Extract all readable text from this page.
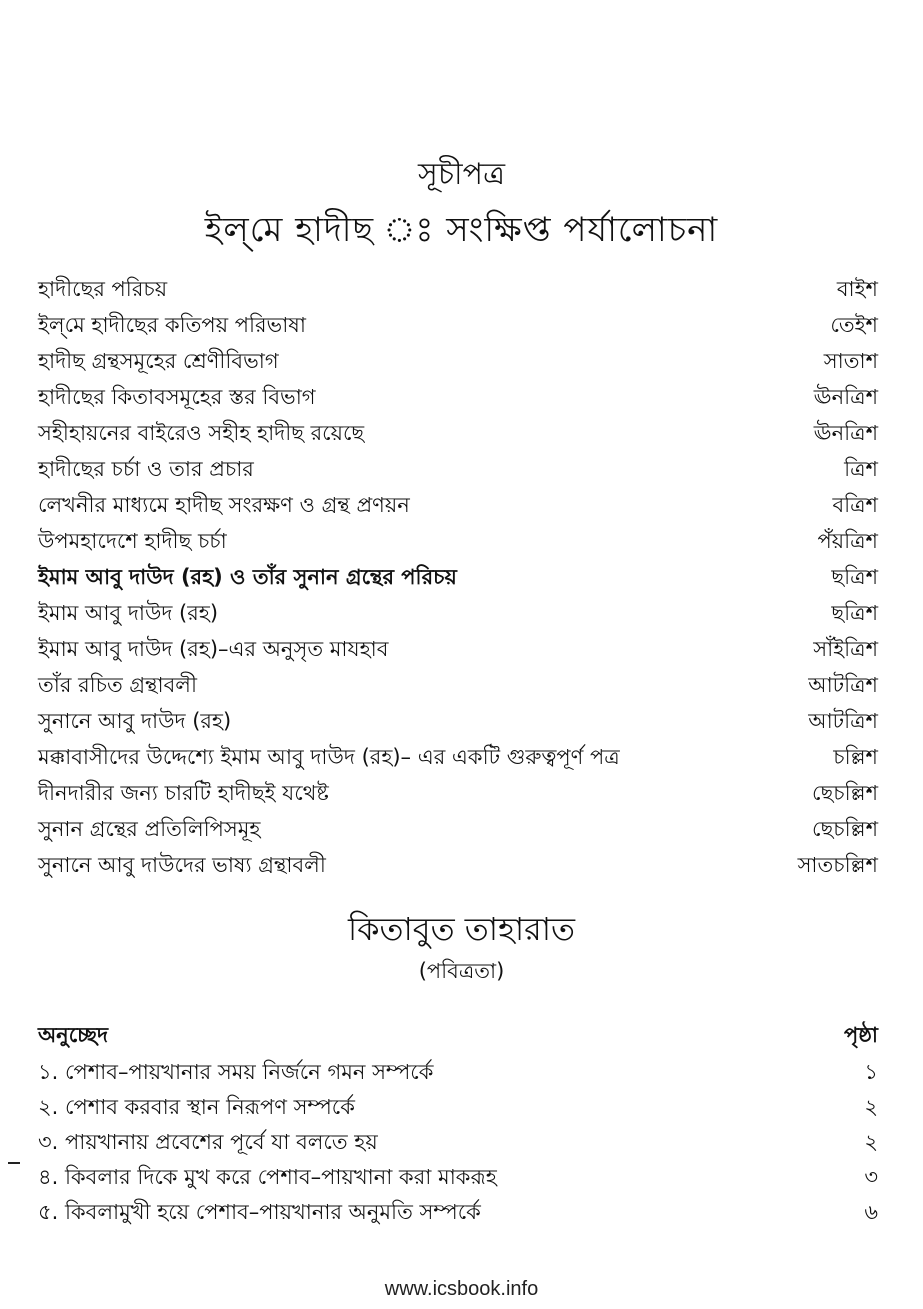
সূচীপত্র
ইল্‌মে হাদীছ ঃ সংক্ষিপ্ত পর্যালোচনা
হাদীছের পরিচয়	বাইশ
ইল্‌মে হাদীছের কতিপয় পরিভাষা	তেইশ
হাদীছ গ্রন্থসমূহের শ্রেণীবিভাগ	সাতাশ
হাদীছের কিতাবসমূহের স্তর বিভাগ	ঊনত্রিশ
সহীহায়নের বাইরেও সহীহ হাদীছ রয়েছে	ঊনত্রিশ
হাদীছের চর্চা ও তার প্রচার	ত্রিশ
লেখনীর মাধ্যমে হাদীছ সংরক্ষণ ও গ্রন্থ প্রণয়ন	বত্রিশ
উপমহাদেশে হাদীছ চর্চা	পঁয়ত্রিশ
ইমাম আবু দাউদ (রহ) ও তাঁর সুনান গ্রন্থের পরিচয়	ছত্রিশ
ইমাম আবু দাউদ (রহ)	ছত্রিশ
ইমাম আবু দাউদ (রহ)–এর অনুসৃত মাযহাব	সাঁইত্রিশ
তাঁর রচিত গ্রন্থাবলী	আটত্রিশ
সুনানে আবু দাউদ (রহ)	আটত্রিশ
মক্কাবাসীদের উদ্দেশ্যে ইমাম আবু দাউদ (রহ)– এর একটি গুরুত্বপূর্ণ পত্র	চল্লিশ
দীনদারীর জন্য চারটি হাদীছই যথেষ্ট	ছেচল্লিশ
সুনান গ্রন্থের প্রতিলিপিসমূহ	ছেচল্লিশ
সুনানে আবু দাউদের ভাষ্য গ্রন্থাবলী	সাতচল্লিশ
কিতাবুত তাহারাত
(পবিত্রতা)
অনুচ্ছেদ	পৃষ্ঠা
১. পেশাব–পায়খানার সময় নির্জনে গমন সম্পর্কে	১
২. পেশাব করবার স্থান নিরূপণ সম্পর্কে	২
৩. পায়খানায় প্রবেশের পূর্বে যা বলতে হয়	২
৪. কিবলার দিকে মুখ করে পেশাব–পায়খানা করা মাকরূহ	৩
৫. কিবলামুখী হয়ে পেশাব–পায়খানার অনুমতি সম্পর্কে	৬
www.icsbook.info
